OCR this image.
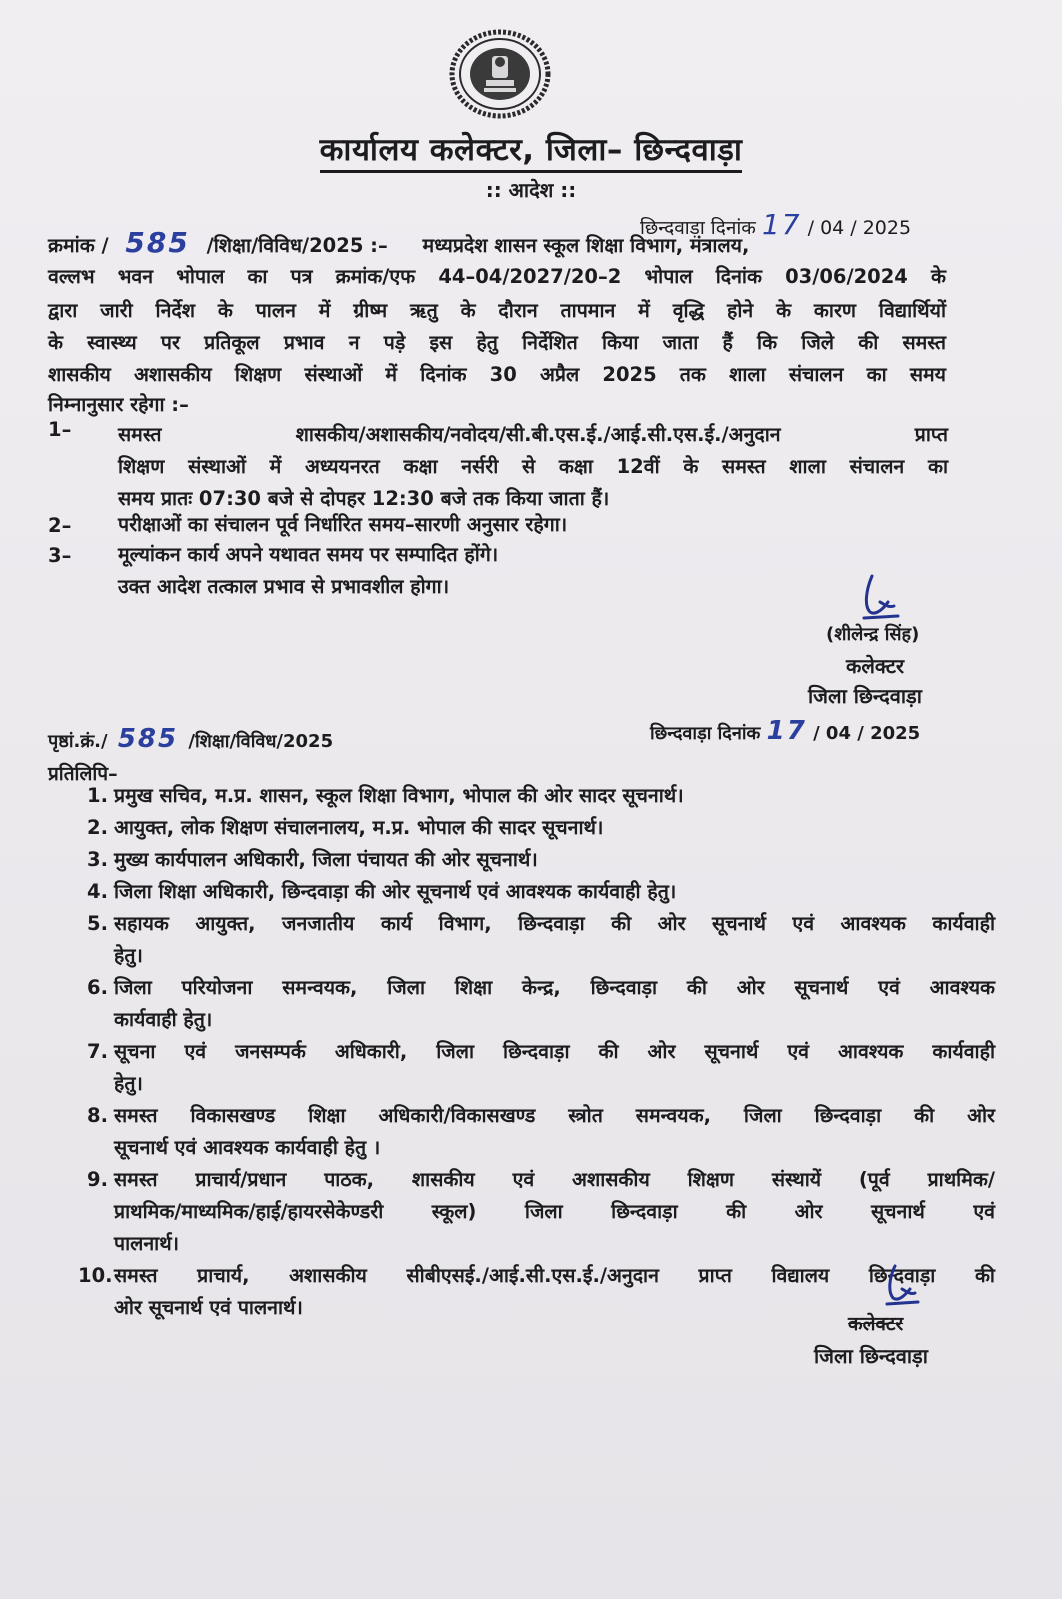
कार्यालय कलेक्टर, जिला– छिन्दवाड़ा
:: आदेश ::
छिन्दवाड़ा दिनांक 17 / 04 / 2025
क्रमांक / 585 /शिक्षा/विविध/2025 :– मध्यप्रदेश शासन स्कूल शिक्षा विभाग, मंत्रालय,
वल्लभ भवन भोपाल का पत्र क्रमांक/एफ 44–04/2027/20–2 भोपाल दिनांक 03/06/2024 के
द्वारा जारी निर्देश के पालन में ग्रीष्म ऋतु के दौरान तापमान में वृद्धि होने के कारण विद्यार्थियों
के स्वास्थ्य पर प्रतिकूल प्रभाव न पड़े इस हेतु निर्देशित किया जाता हैं कि जिले की समस्त
शासकीय अशासकीय शिक्षण संस्थाओं में दिनांक 30 अप्रैल 2025 तक शाला संचालन का समय
निम्नानुसार रहेगा :–
1– समस्त शासकीय/अशासकीय/नवोदय/सी.बी.एस.ई./आई.सी.एस.ई./अनुदान प्राप्त
शिक्षण संस्थाओं में अध्ययनरत कक्षा नर्सरी से कक्षा 12वीं के समस्त शाला संचालन का
समय प्रातः 07:30 बजे से दोपहर 12:30 बजे तक किया जाता हैं।
2– परीक्षाओं का संचालन पूर्व निर्धारित समय–सारणी अनुसार रहेगा।
3– मूल्यांकन कार्य अपने यथावत समय पर सम्पादित होंगे।
उक्त आदेश तत्काल प्रभाव से प्रभावशील होगा।
(शीलेन्द्र सिंह)
कलेक्टर
जिला छिन्दवाड़ा
पृष्ठां.क्रं./ 585 /शिक्षा/विविध/2025	छिन्दवाड़ा दिनांक 17 / 04 / 2025
प्रतिलिपि–
1. प्रमुख सचिव, म.प्र. शासन, स्कूल शिक्षा विभाग, भोपाल की ओर सादर सूचनार्थ।
2. आयुक्त, लोक शिक्षण संचालनालय, म.प्र. भोपाल की सादर सूचनार्थ।
3. मुख्य कार्यपालन अधिकारी, जिला पंचायत की ओर सूचनार्थ।
4. जिला शिक्षा अधिकारी, छिन्दवाड़ा की ओर सूचनार्थ एवं आवश्यक कार्यवाही हेतु।
5. सहायक आयुक्त, जनजातीय कार्य विभाग, छिन्दवाड़ा की ओर सूचनार्थ एवं आवश्यक कार्यवाही
हेतु।
6. जिला परियोजना समन्वयक, जिला शिक्षा केन्द्र, छिन्दवाड़ा की ओर सूचनार्थ एवं आवश्यक
कार्यवाही हेतु।
7. सूचना एवं जनसम्पर्क अधिकारी, जिला छिन्दवाड़ा की ओर सूचनार्थ एवं आवश्यक कार्यवाही
हेतु।
8. समस्त विकासखण्ड शिक्षा अधिकारी/विकासखण्ड स्त्रोत समन्वयक, जिला छिन्दवाड़ा की ओर
सूचनार्थ एवं आवश्यक कार्यवाही हेतु ।
9. समस्त प्राचार्य/प्रधान पाठक, शासकीय एवं अशासकीय शिक्षण संस्थायें (पूर्व प्राथमिक/
प्राथमिक/माध्यमिक/हाई/हायरसेकेण्डरी स्कूल) जिला छिन्दवाड़ा की ओर सूचनार्थ एवं
पालनार्थ।
10. समस्त प्राचार्य, अशासकीय सीबीएसई./आई.सी.एस.ई./अनुदान प्राप्त विद्यालय छिन्दवाड़ा की
ओर सूचनार्थ एवं पालनार्थ।
कलेक्टर
जिला छिन्दवाड़ा
